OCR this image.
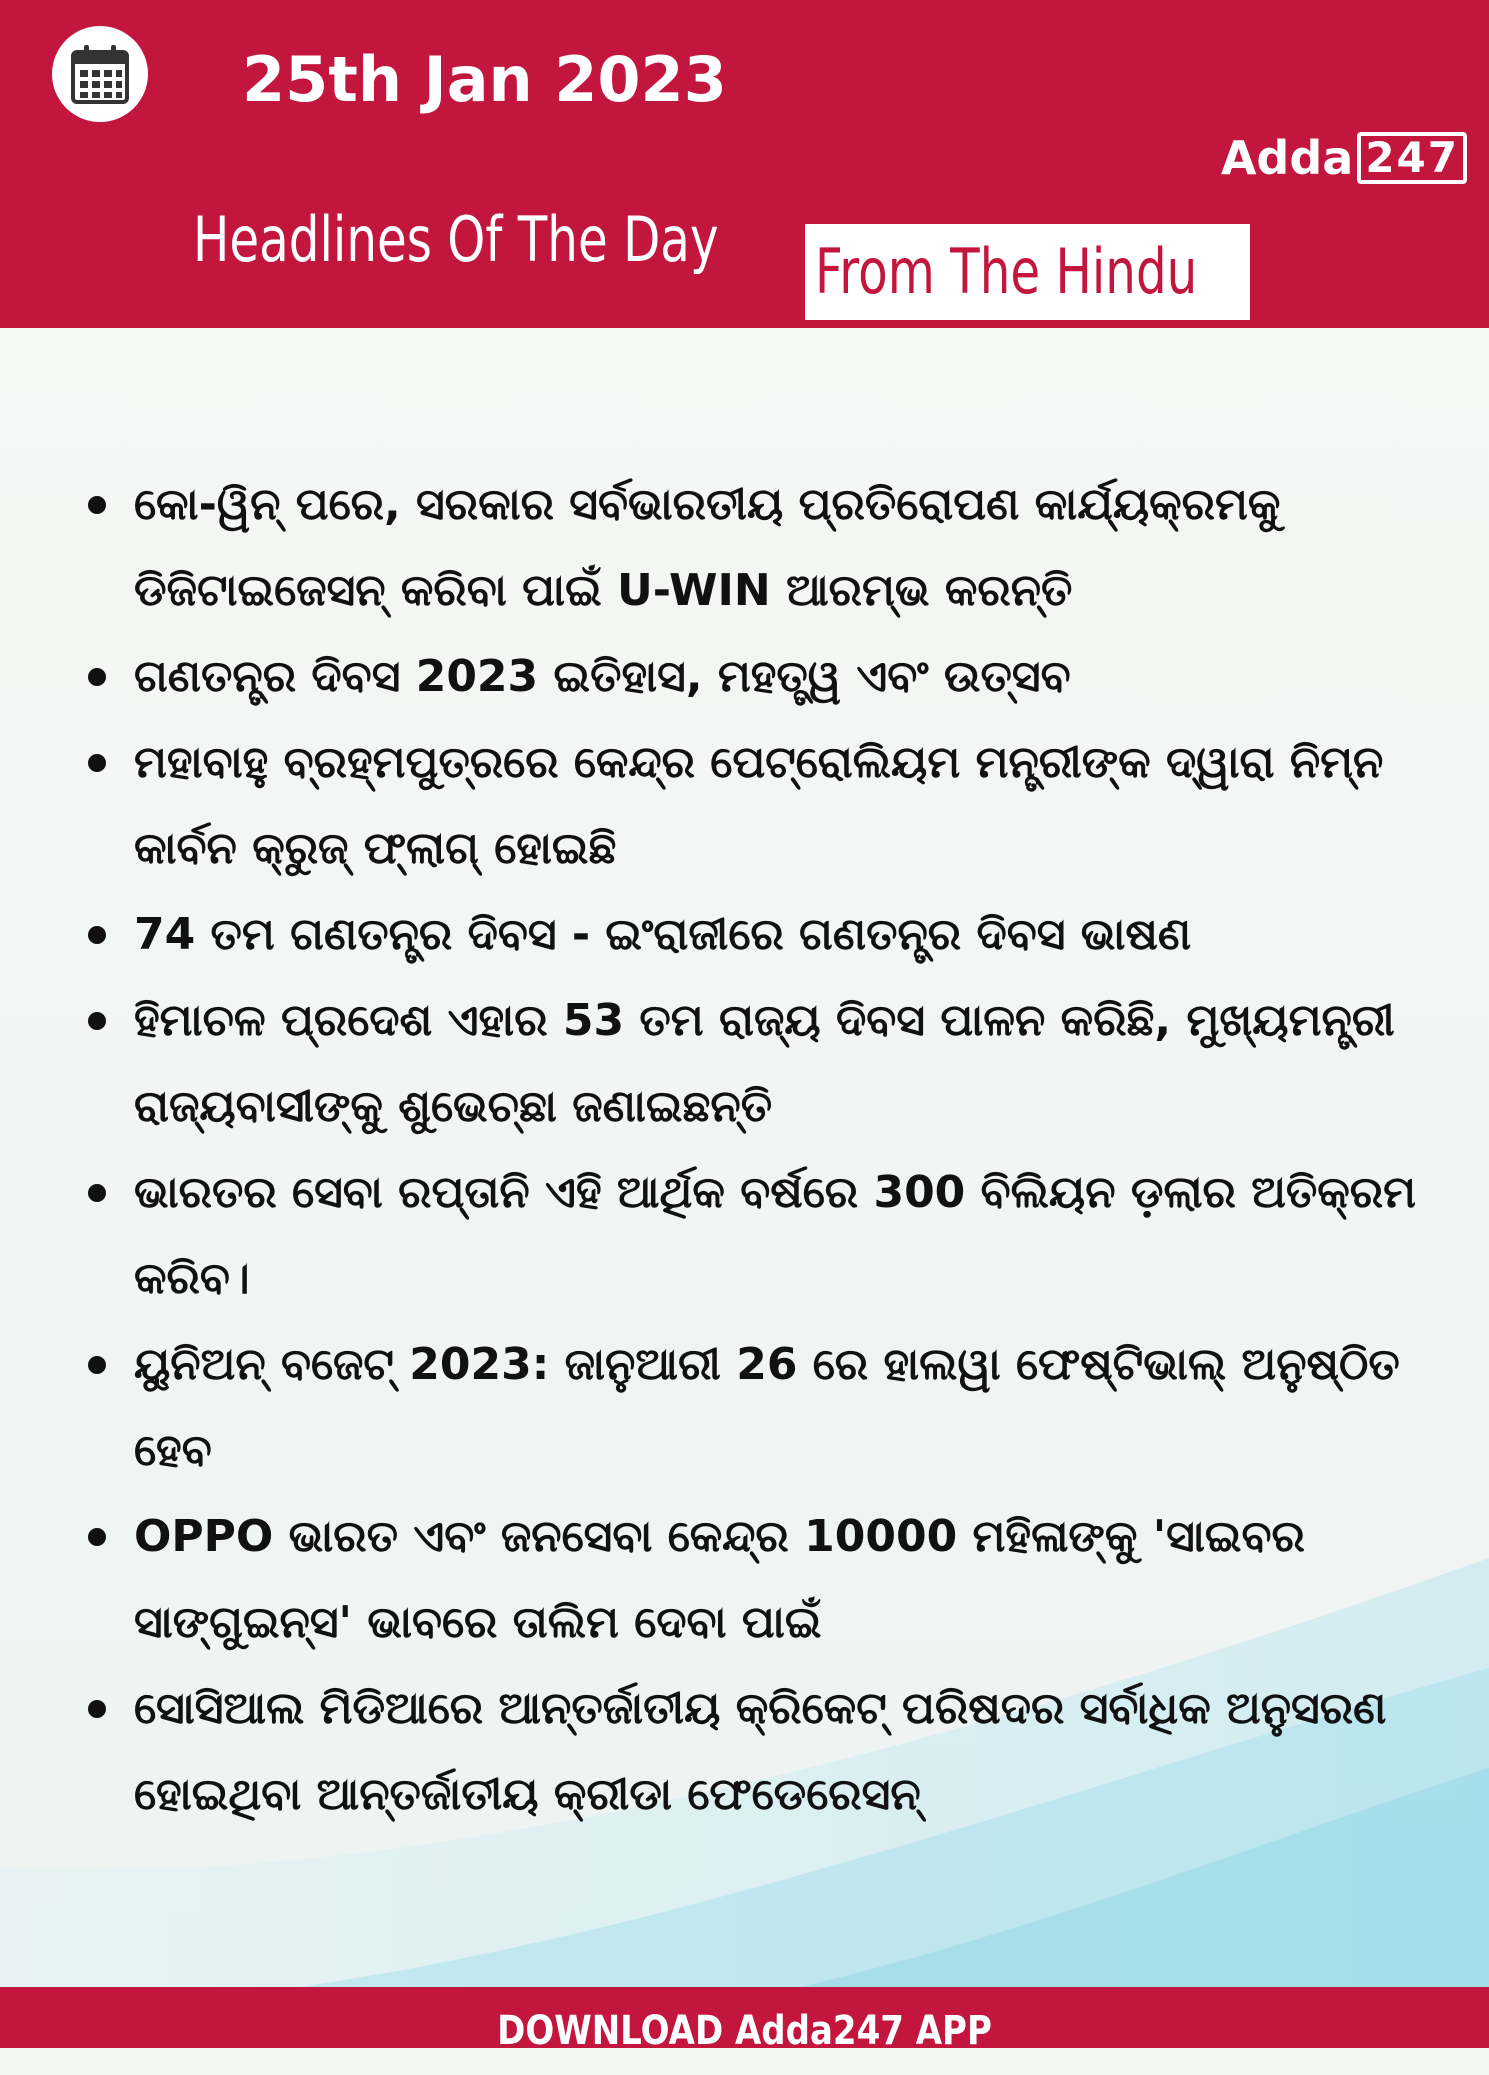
25th Jan 2023
Adda 247
Headlines Of The Day From The Hindu
କୋ-ୱିନ୍ ପରେ, ସରକାର ସର୍ବଭାରତୀୟ ପ୍ରତିରୋପଣ କାର୍ଯ୍ୟକ୍ରମକୁ ଡିଜିଟାଇଜେସନ୍ କରିବା ପାଇଁ U-WIN ଆରମ୍ଭ କରନ୍ତି
ଗଣତନ୍ତ୍ର ଦିବସ 2023 ଇତିହାସ, ମହତ୍ତ୍ୱ ଏବଂ ଉତ୍ସବ
ମହାବାହୁ ବ୍ରହ୍ମପୁତ୍ରରେ କେନ୍ଦ୍ର ପେଟ୍ରୋଲିୟମ ମନ୍ତ୍ରୀଙ୍କ ଦ୍ୱାରା ନିମ୍ନ କାର୍ବନ କ୍ରୁଜ୍ ଫ୍ଲାଗ୍ ହୋଇଛି
74 ତମ ଗଣତନ୍ତ୍ର ଦିବସ - ଇଂରାଜୀରେ ଗଣତନ୍ତ୍ର ଦିବସ ଭାଷଣ
ହିମାଚଳ ପ୍ରଦେଶ ଏହାର 53 ତମ ରାଜ୍ୟ ଦିବସ ପାଳନ କରିଛି, ମୁଖ୍ୟମନ୍ତ୍ରୀ ରାଜ୍ୟବାସୀଙ୍କୁ ଶୁଭେଚ୍ଛା ଜଣାଇଛନ୍ତି
ଭାରତର ସେବା ରପ୍ତାନି ଏହି ଆର୍ଥିକ ବର୍ଷରେ 300 ବିଲିୟନ ଡ଼ଲାର ଅତିକ୍ରମ କରିବ।
ୟୁନିଅନ୍ ବଜେଟ୍ 2023: ଜାନୁଆରୀ 26 ରେ ହାଲୱା ଫେଷ୍ଟିଭାଲ୍ ଅନୁଷ୍ଠିତ ହେବ
OPPO ଭାରତ ଏବଂ ଜନସେବା କେନ୍ଦ୍ର 10000 ମହିଳାଙ୍କୁ 'ସାଇବର ସାଙ୍ଗୁଇନ୍ସ' ଭାବରେ ତାଲିମ ଦେବା ପାଇଁ
ସୋସିଆଲ ମିଡିଆରେ ଆନ୍ତର୍ଜାତୀୟ କ୍ରିକେଟ୍ ପରିଷଦର ସର୍ବାଧିକ ଅନୁସରଣ ହୋଇଥିବା ଆନ୍ତର୍ଜାତୀୟ କ୍ରୀଡା ଫେଡେରେସନ୍
DOWNLOAD Adda247 APP
